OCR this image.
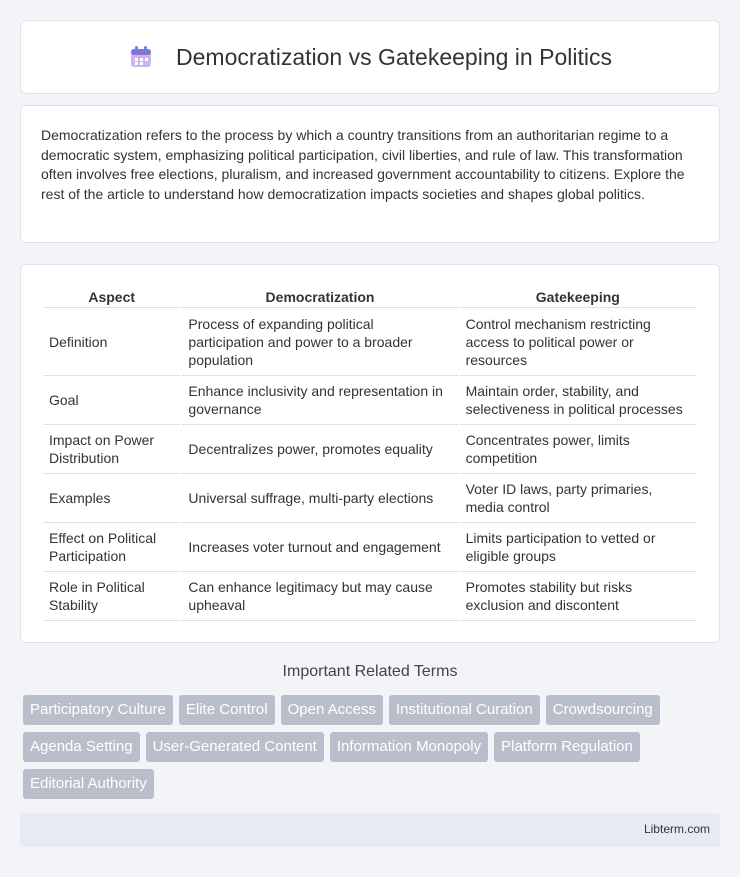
Democratization vs Gatekeeping in Politics

Democratization refers to the process by which a country transitions from an authoritarian regime to a democratic system, emphasizing political participation, civil liberties, and rule of law. This transformation often involves free elections, pluralism, and increased government accountability to citizens. Explore the rest of the article to understand how democratization impacts societies and shapes global politics.

Aspect	Democratization	Gatekeeping
Definition	Process of expanding political participation and power to a broader population	Control mechanism restricting access to political power or resources
Goal	Enhance inclusivity and representation in governance	Maintain order, stability, and selectiveness in political processes
Impact on Power Distribution	Decentralizes power, promotes equality	Concentrates power, limits competition
Examples	Universal suffrage, multi-party elections	Voter ID laws, party primaries, media control
Effect on Political Participation	Increases voter turnout and engagement	Limits participation to vetted or eligible groups
Role in Political Stability	Can enhance legitimacy but may cause upheaval	Promotes stability but risks exclusion and discontent
Important Related Terms
Participatory Culture	Elite Control	Open Access	Institutional Curation	Crowdsourcing
Agenda Setting	User-Generated Content	Information Monopoly	Platform Regulation
Editorial Authority
Libterm.com
